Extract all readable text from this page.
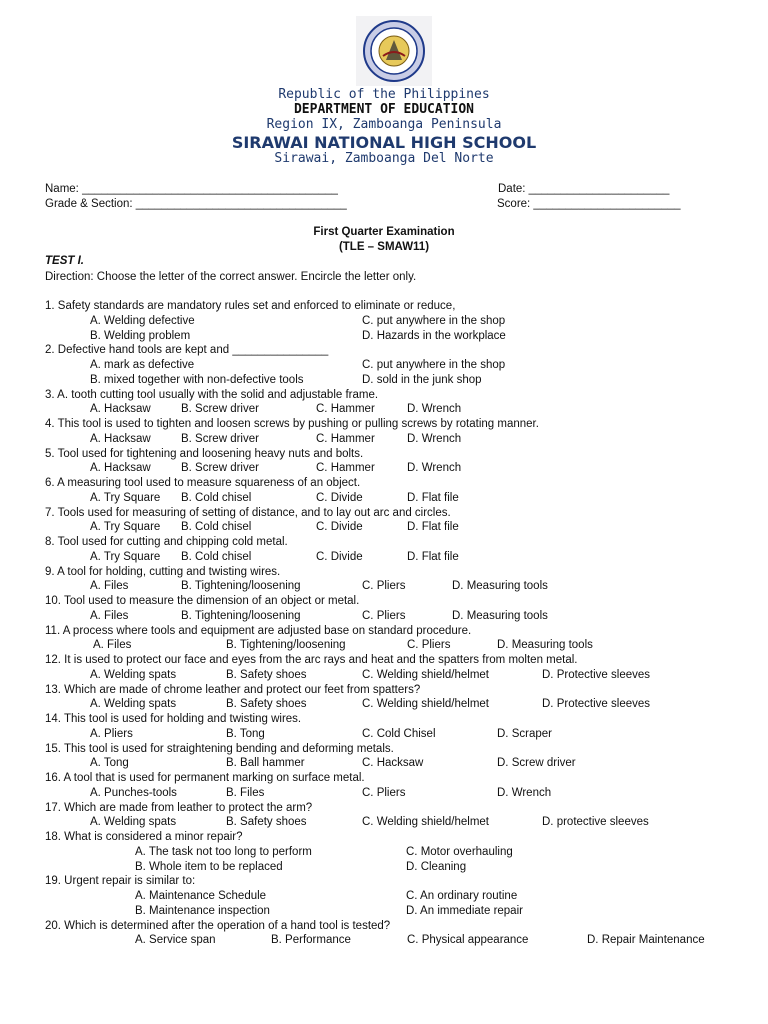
Republic of the Philippines
DEPARTMENT OF EDUCATION
Region IX, Zamboanga Peninsula
SIRAWAI NATIONAL HIGH SCHOOL
Sirawai, Zamboanga Del Norte
Name: ________________________________________	Date: ______________________
Grade & Section: _________________________________	Score: _______________________
First Quarter Examination
(TLE – SMAW11)
TEST I.
Direction: Choose the letter of the correct answer. Encircle the letter only.
1. Safety standards are mandatory rules set and enforced to eliminate or reduce,
A. Welding defective	C. put anywhere in the shop
B. Welding problem	D. Hazards in the workplace
2. Defective hand tools are kept and _______________
A. mark as defective	C. put anywhere in the shop
B. mixed together with non-defective tools	D. sold in the junk shop
3. A. tooth cutting tool usually with the solid and adjustable frame.
A. Hacksaw	B. Screw driver	C. Hammer	D. Wrench
4. This tool is used to tighten and loosen screws by pushing or pulling screws by rotating manner.
A. Hacksaw	B. Screw driver	C. Hammer	D. Wrench
5. Tool used for tightening and loosening heavy nuts and bolts.
A. Hacksaw	B. Screw driver	C. Hammer	D. Wrench
6. A measuring tool used to measure squareness of an object.
A. Try Square B. Cold chisel	C. Divide	D. Flat file
7. Tools used for measuring of setting of distance, and to lay out arc and circles.
A. Try Square B. Cold chisel	C. Divide	D. Flat file
8. Tool used for cutting and chipping cold metal.
A. Try Square B. Cold chisel	C. Divide	D. Flat file
9. A tool for holding, cutting and twisting wires.
A. Files	B. Tightening/loosening	C. Pliers	D. Measuring tools
10. Tool used to measure the dimension of an object or metal.
A. Files	B. Tightening/loosening	C. Pliers	D. Measuring tools
11. A process where tools and equipment are adjusted base on standard procedure.
A. Files	B. Tightening/loosening	C. Pliers	D. Measuring tools
12. It is used to protect our face and eyes from the arc rays and heat and the spatters from molten metal.
A. Welding spats	B. Safety shoes	C. Welding shield/helmet	D. Protective sleeves
13. Which are made of chrome leather and protect our feet from spatters?
A. Welding spats	B. Safety shoes	C. Welding shield/helmet	D. Protective sleeves
14. This tool is used for holding and twisting wires.
A. Pliers	B. Tong	C. Cold Chisel	D. Scraper
15. This tool is used for straightening bending and deforming metals.
A. Tong	B. Ball hammer	C. Hacksaw	D. Screw driver
16. A tool that is used for permanent marking on surface metal.
A. Punches-tools	B. Files	C. Pliers	D. Wrench
17. Which are made from leather to protect the arm?
A. Welding spats	B. Safety shoes	C. Welding shield/helmet	D. protective sleeves
18. What is considered a minor repair?
A. The task not too long to perform	C. Motor overhauling
B. Whole item to be replaced	D. Cleaning
19. Urgent repair is similar to:
A. Maintenance Schedule	C. An ordinary routine
B. Maintenance inspection	D. An immediate repair
20. Which is determined after the operation of a hand tool is tested?
A. Service span	B. Performance	C. Physical appearance	D. Repair Maintenance
